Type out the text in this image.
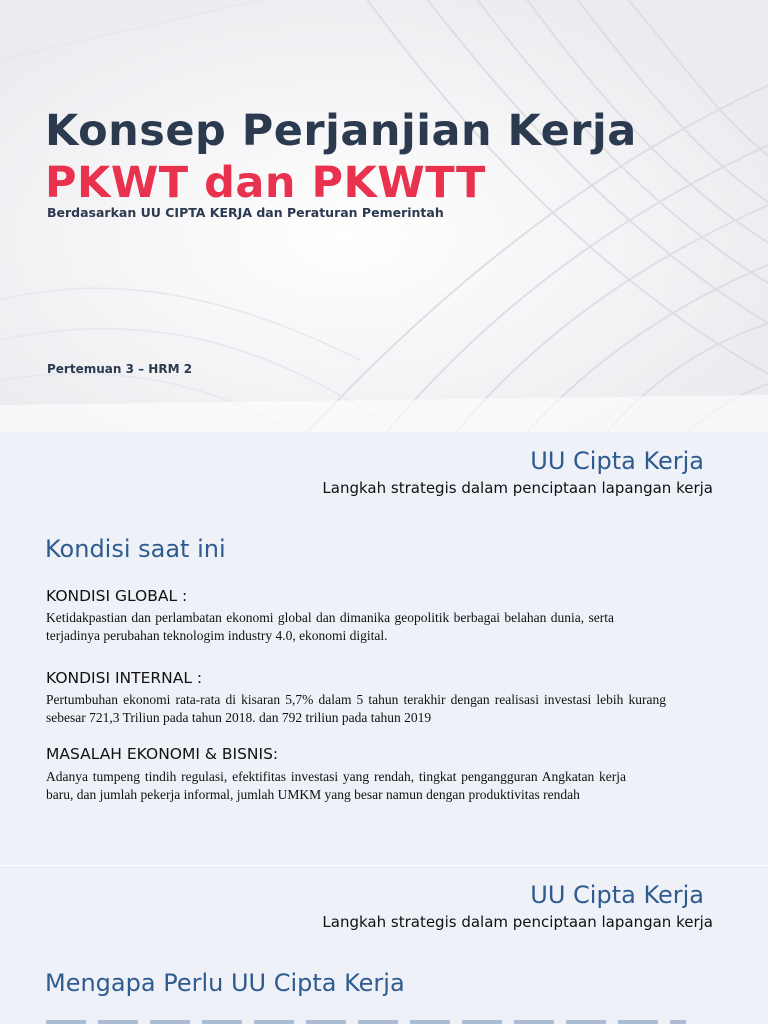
Konsep Perjanjian Kerja
PKWT dan PKWTT
Berdasarkan UU CIPTA KERJA dan Peraturan Pemerintah
Pertemuan 3 – HRM 2
UU Cipta Kerja
Langkah strategis dalam penciptaan lapangan kerja
Kondisi saat ini
KONDISI GLOBAL :
Ketidakpastian dan perlambatan ekonomi global dan dimanika geopolitik berbagai belahan dunia, serta terjadinya perubahan teknologim industry 4.0, ekonomi digital.
KONDISI INTERNAL :
Pertumbuhan ekonomi rata-rata di kisaran 5,7% dalam 5 tahun terakhir dengan realisasi investasi lebih kurang sebesar 721,3 Triliun pada tahun 2018. dan 792 triliun pada tahun 2019
MASALAH EKONOMI & BISNIS:
Adanya tumpeng tindih regulasi, efektifitas investasi yang rendah, tingkat pengangguran Angkatan kerja baru, dan jumlah pekerja informal, jumlah UMKM yang besar namun dengan produktivitas rendah
UU Cipta Kerja
Langkah strategis dalam penciptaan lapangan kerja
Mengapa Perlu UU Cipta Kerja
